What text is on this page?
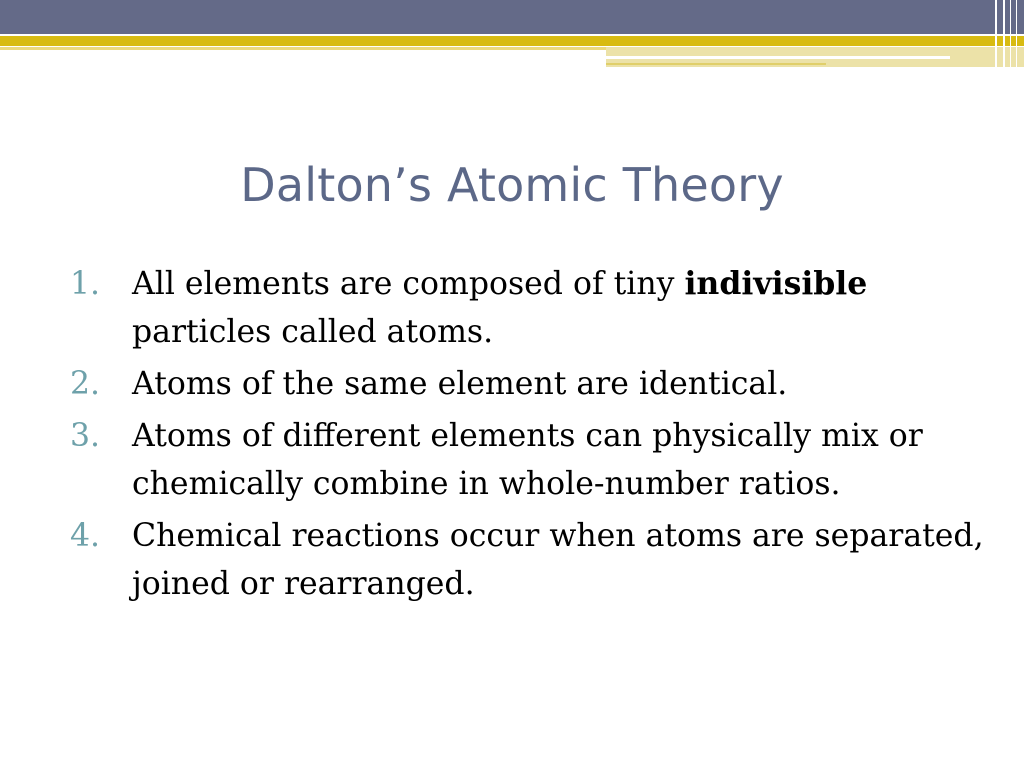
Dalton’s Atomic Theory
1.	All elements are composed of tiny indivisible particles called atoms.
2.	Atoms of the same element are identical.
3.	Atoms of different elements can physically mix or chemically combine in whole-number ratios.
4.	Chemical reactions occur when atoms are separated, joined or rearranged.
